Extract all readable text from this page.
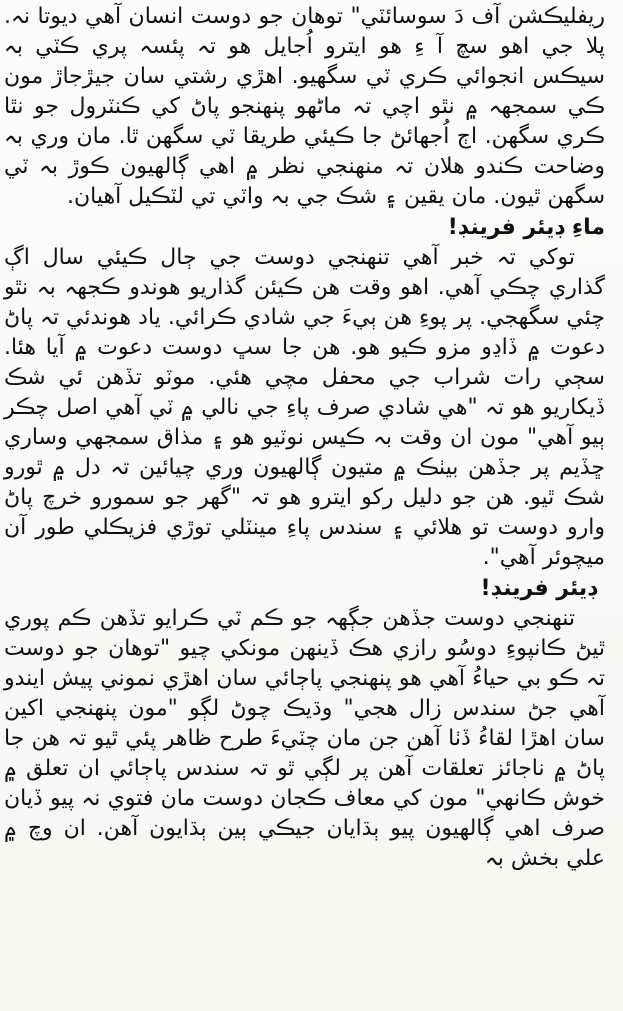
ريفليڪشن آف دَ سوسائٽي" توهان جو دوست انسان آهي ديوتا نہ. پلا جي اهو سچ آ ءِ هو ايترو اُجايل هو تہ پئسہ پري ڪٽي بہ سيڪس انجوائي ڪري ٽي سگهيو. اهڙي رشتي سان جيڙجاڙ مون ڪي سمجهہ ۾ نٿو اچي تہ ماڻهو پنهنجو پاڻ کي ڪنٽرول جو نٿا ڪري سگهن. اڄ اُجهائڻ جا ڪيئي طريقا ٽي سگهن ٿا. مان وري بہ وضاحت ڪندو هلان تہ منهنجي نظر ۾ اهي ڳالهيون ڪوڙ بہ ٽي سگهن ٿيون. مان يقين ۽ شڪ جي بہ واٽي تي لٽڪيل آهيان.

ماءِ ڊيئر فرينڊ!

توکي تہ خبر آهي تنهنجي دوست جي ڄال ڪيئي سال اڳ گذاري چڪي آهي. اهو وقت هن ڪيئن گذاريو هوندو ڪجهہ بہ نٿو چئي سگهجي. پر پوءِ هن ٻيءَ جي شادي ڪرائي. ياد هوندئي تہ پاڻ دعوت ۾ ڏاڍو مزو ڪيو هو. هن جا سڀ دوست دعوت ۾ آيا هئا. سڄي رات شراب جي محفل مچي هئي. موٽو تڏهن ئي شڪ ڏيکاريو هو تہ "هي شادي صرف پاءِ جي نالي ۾ ٽي آهي اصل چڪر ٻيو آهي" مون ان وقت بہ ڪيس نوٽيو هو ۽ مذاق سمجهي وساري ڇڏيم پر جڏهن بيٺڪ ۾ متيون ڳالهيون وري چيائين تہ دل ۾ ٿورو شڪ ٿيو. هن جو دليل رکو ايترو هو تہ "گهر جو سمورو خرچ پاڻ وارو دوست تو هلائي ۽ سندس پاءِ مينٽلي توڙي فزيڪلي طور آن ميچوئر آهي".

ڊيئر فرينڊ!

تنهنجي دوست جڏهن جڳهہ جو ڪم ٽي ڪرايو تڏهن ڪم پوري ٿيڻ ڪانپوءِ دوسُو رازي هڪ ڏينهن مونکي چيو "توهان جو دوست تہ ڪو بي حياءُ آهي هو پنهنجي پاڄائي سان اهڙي نموني پيش ايندو آهي جڻ سندس زال هجي" وڌيڪ چوڻ لڳو "مون پنهنجي اکين سان اهڙا لقاءُ ڏٺا آهن جن مان چٽيءَ طرح ظاهر پئي ٿيو تہ هن جا پاڻ ۾ ناجائز تعلقات آهن پر لڳي ٿو تہ سندس پاڄائي ان تعلق ۾ خوش ڪانهي" مون کي معاف ڪجان دوست مان فتوي نہ پيو ڏيان صرف اهي ڳالهيون پيو ٻڌايان جيڪي ٻين ٻڌايون آهن. ان وچ ۾ علي بخش بہ
